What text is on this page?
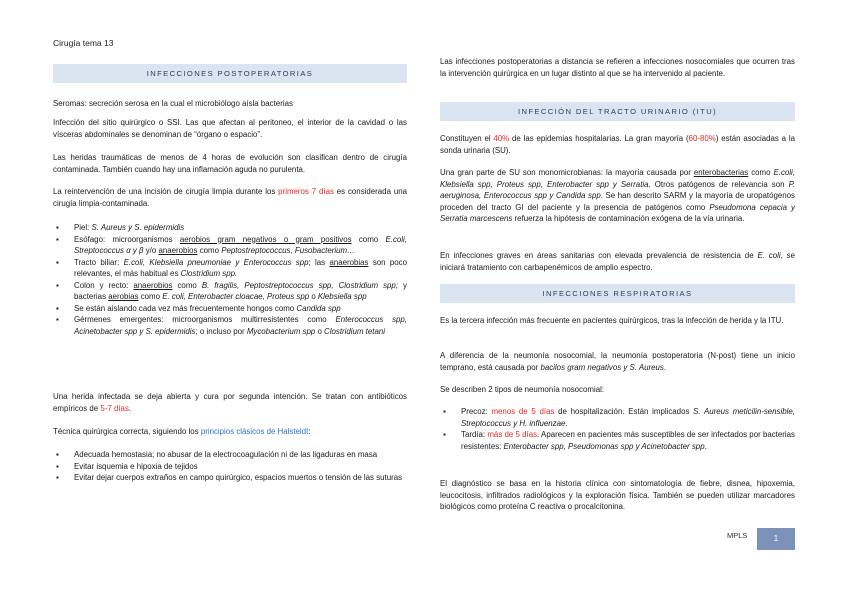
Cirugía tema 13
INFECCIONES POSTOPERATORIAS

Seromas: secreción serosa en la cual el microbiólogo aísla bacterias

Infección del sitio quirúrgico o SSI. Las que afectan al peritoneo, el interior de la cavidad o las vísceras abdominales se denominan de “órgano o espacio”.

Las heridas traumáticas de menos de 4 horas de evolución son clasifican dentro de cirugía contaminada. También cuando hay una inflamación aguda no purulenta.

La reintervención de una incisión de cirugía limpia durante los primeros 7 días es considerada una cirugía limpia-contaminada.

▪ Piel: S. Aureus y S. epidermidis
▪ Esófago: microorganismos aerobios gram negativos o gram positivos como E.coli, Streptococcus α y β y/o anaerobios como Peptostreptococcus, Fusobacterium…
▪ Tracto biliar: E.coli, Klebsiella pneumoniae y Enterococcus spp; las anaerobias son poco relevantes, el más habitual es Clostridium spp.
▪ Colon y recto: anaerobios como B. fragilis, Peptostreptococcus spp, Clostridium spp; y bacterias aerobias como E. coli, Enterobacter cloacae, Proteus spp o Klebsiella spp
▪ Se están aislando cada vez más frecuentemente hongos como Candida spp
▪ Gérmenes emergentes: microorganismos multirresistentes como Enterococcus spp, Acinetobacter spp y S. epidermidis; o incluso por Mycobacterium spp o Clostridium tetani

Una herida infectada se deja abierta y cura por segunda intención. Se tratan con antibióticos empíricos de 5-7 días.

Técnica quirúrgica correcta, siguiendo los principios clásicos de Halsteldt:

▪ Adecuada hemostasia; no abusar de la electrocoagulación ni de las ligaduras en masa
▪ Evitar isquemia e hipoxia de tejidos
▪ Evitar dejar cuerpos extraños en campo quirúrgico, espacios muertos o tensión de las suturas

Las infecciones postoperatorias a distancia se refieren a infecciones nosocomiales que ocurren tras la intervención quirúrgica en un lugar distinto al que se ha intervenido al paciente.

INFECCIÓN DEL TRACTO URINARIO (ITU)

Constituyen el 40% de las epidemias hospitalarias. La gran mayoría (60-80%) están asociadas a la sonda urinaria (SU).

Una gran parte de SU son monomicrobianas: la mayoría causada por enterobacterias como E.coli, Klebsiella spp, Proteus spp, Enterobacter spp y Serratia. Otros patógenos de relevancia son P. aeruginosa, Enterococcus spp y Candida spp. Se han descrito SARM y la mayoría de uropatógenos proceden del tracto GI del paciente y la presencia de patógenos como Pseudomona cepacia y Serratia marcescens refuerza la hipótesis de contaminación exógena de la vía urinaria.

En infecciones graves en áreas sanitarias con elevada prevalencia de resistencia de E. coli, se iniciará tratamiento con carbapenémicos de amplio espectro.

INFECCIONES RESPIRATORIAS

Es la tercera infección más frecuente en pacientes quirúrgicos, tras la infección de herida y la ITU.

A diferencia de la neumonía nosocomial, la neumonía postoperatoria (N-post) tiene un inicio temprano, está causada por bacilos gram negativos y S. Aureus.

Se describen 2 tipos de neumonía nosocomial:

▪ Precoz: menos de 5 días de hospitalización. Están implicados S. Aureus meticilin-sensible, Streptococcus y H. influenzae.
▪ Tardía: más de 5 días. Aparecen en pacientes más susceptibles de ser infectados por bacterias resistentes: Enterobacter spp, Pseudomonas spp y Acinetobacter spp.

El diagnóstico se basa en la historia clínica con sintomatología de fiebre, disnea, hipoxemia, leucocitosis, infiltrados radiológicos y la exploración física. También se pueden utilizar marcadores biológicos como proteína C reactiva o procalcitonina.

MPLS	1
